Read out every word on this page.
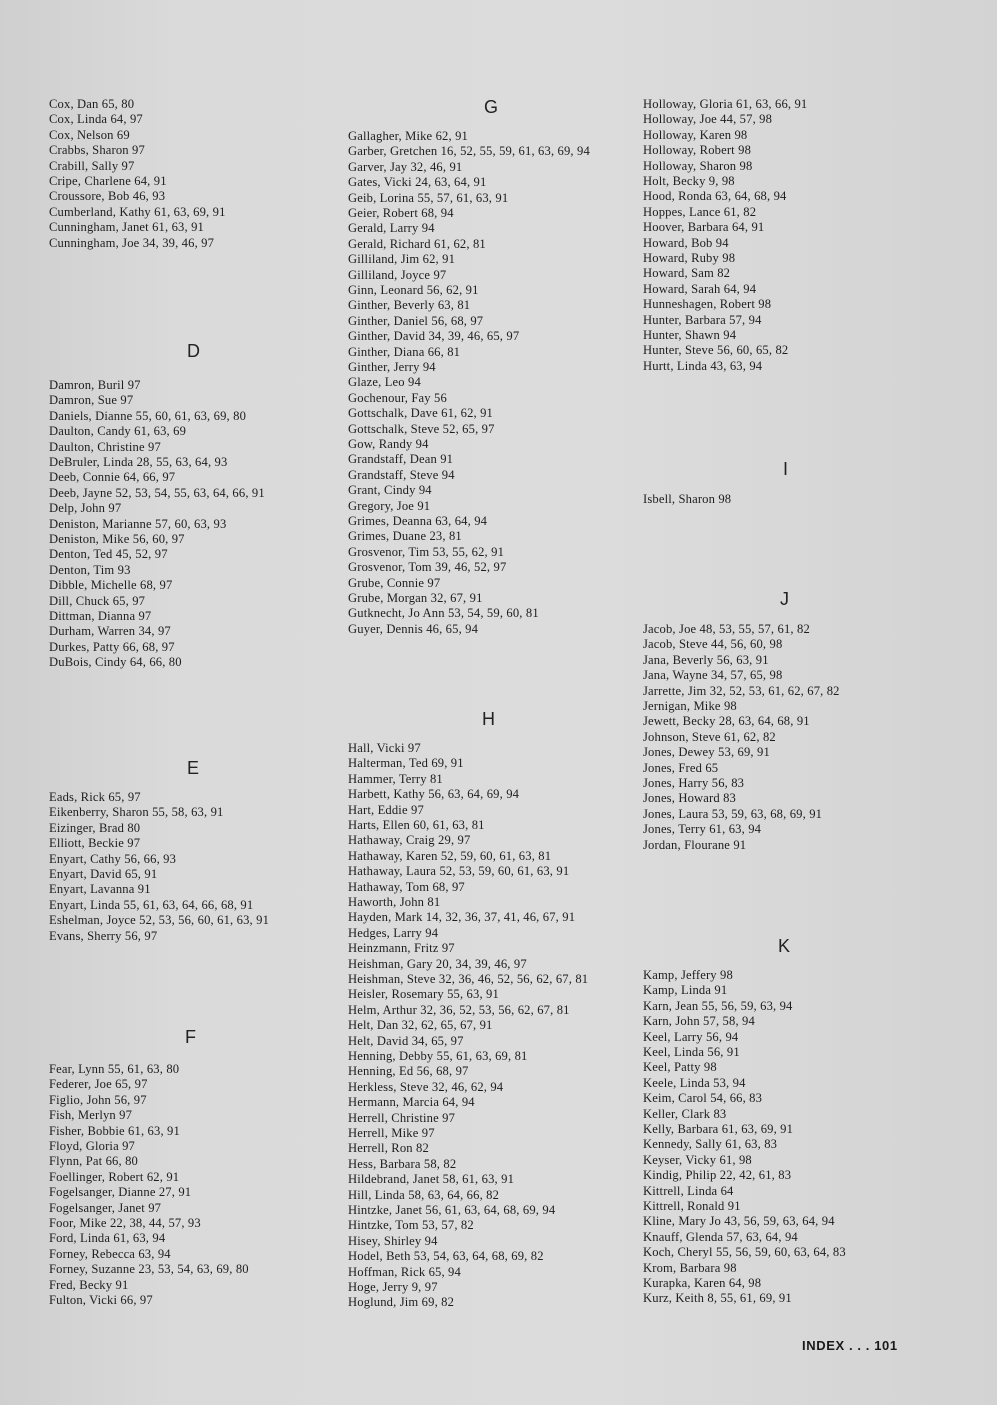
Cox, Dan 65, 80
Cox, Linda 64, 97
Cox, Nelson 69
Crabbs, Sharon 97
Crabill, Sally 97
Cripe, Charlene 64, 91
Croussore, Bob 46, 93
Cumberland, Kathy 61, 63, 69, 91
Cunningham, Janet 61, 63, 91
Cunningham, Joe 34, 39, 46, 97
D
Damron, Buril 97
Damron, Sue 97
Daniels, Dianne 55, 60, 61, 63, 69, 80
Daulton, Candy 61, 63, 69
Daulton, Christine 97
DeBruler, Linda 28, 55, 63, 64, 93
Deeb, Connie 64, 66, 97
Deeb, Jayne 52, 53, 54, 55, 63, 64, 66, 91
Delp, John 97
Deniston, Marianne 57, 60, 63, 93
Deniston, Mike 56, 60, 97
Denton, Ted 45, 52, 97
Denton, Tim 93
Dibble, Michelle 68, 97
Dill, Chuck 65, 97
Dittman, Dianna 97
Durham, Warren 34, 97
Durkes, Patty 66, 68, 97
DuBois, Cindy 64, 66, 80
E
Eads, Rick 65, 97
Eikenberry, Sharon 55, 58, 63, 91
Eizinger, Brad 80
Elliott, Beckie 97
Enyart, Cathy 56, 66, 93
Enyart, David 65, 91
Enyart, Lavanna 91
Enyart, Linda 55, 61, 63, 64, 66, 68, 91
Eshelman, Joyce 52, 53, 56, 60, 61, 63, 91
Evans, Sherry 56, 97
F
Fear, Lynn 55, 61, 63, 80
Federer, Joe 65, 97
Figlio, John 56, 97
Fish, Merlyn 97
Fisher, Bobbie 61, 63, 91
Floyd, Gloria 97
Flynn, Pat 66, 80
Foellinger, Robert 62, 91
Fogelsanger, Dianne 27, 91
Fogelsanger, Janet 97
Foor, Mike 22, 38, 44, 57, 93
Ford, Linda 61, 63, 94
Forney, Rebecca 63, 94
Forney, Suzanne 23, 53, 54, 63, 69, 80
Fred, Becky 91
Fulton, Vicki 66, 97
G
Gallagher, Mike 62, 91
Garber, Gretchen 16, 52, 55, 59, 61, 63, 69, 94
Garver, Jay 32, 46, 91
Gates, Vicki 24, 63, 64, 91
Geib, Lorina 55, 57, 61, 63, 91
Geier, Robert 68, 94
Gerald, Larry 94
Gerald, Richard 61, 62, 81
Gilliland, Jim 62, 91
Gilliland, Joyce 97
Ginn, Leonard 56, 62, 91
Ginther, Beverly 63, 81
Ginther, Daniel 56, 68, 97
Ginther, David 34, 39, 46, 65, 97
Ginther, Diana 66, 81
Ginther, Jerry 94
Glaze, Leo 94
Gochenour, Fay 56
Gottschalk, Dave 61, 62, 91
Gottschalk, Steve 52, 65, 97
Gow, Randy 94
Grandstaff, Dean 91
Grandstaff, Steve 94
Grant, Cindy 94
Gregory, Joe 91
Grimes, Deanna 63, 64, 94
Grimes, Duane 23, 81
Grosvenor, Tim 53, 55, 62, 91
Grosvenor, Tom 39, 46, 52, 97
Grube, Connie 97
Grube, Morgan 32, 67, 91
Gutknecht, Jo Ann 53, 54, 59, 60, 81
Guyer, Dennis 46, 65, 94
H
Hall, Vicki 97
Halterman, Ted 69, 91
Hammer, Terry 81
Harbett, Kathy 56, 63, 64, 69, 94
Hart, Eddie 97
Harts, Ellen 60, 61, 63, 81
Hathaway, Craig 29, 97
Hathaway, Karen 52, 59, 60, 61, 63, 81
Hathaway, Laura 52, 53, 59, 60, 61, 63, 91
Hathaway, Tom 68, 97
Haworth, John 81
Hayden, Mark 14, 32, 36, 37, 41, 46, 67, 91
Hedges, Larry 94
Heinzmann, Fritz 97
Heishman, Gary 20, 34, 39, 46, 97
Heishman, Steve 32, 36, 46, 52, 56, 62, 67, 81
Heisler, Rosemary 55, 63, 91
Helm, Arthur 32, 36, 52, 53, 56, 62, 67, 81
Helt, Dan 32, 62, 65, 67, 91
Helt, David 34, 65, 97
Henning, Debby 55, 61, 63, 69, 81
Henning, Ed 56, 68, 97
Herkless, Steve 32, 46, 62, 94
Hermann, Marcia 64, 94
Herrell, Christine 97
Herrell, Mike 97
Herrell, Ron 82
Hess, Barbara 58, 82
Hildebrand, Janet 58, 61, 63, 91
Hill, Linda 58, 63, 64, 66, 82
Hintzke, Janet 56, 61, 63, 64, 68, 69, 94
Hintzke, Tom 53, 57, 82
Hisey, Shirley 94
Hodel, Beth 53, 54, 63, 64, 68, 69, 82
Hoffman, Rick 65, 94
Hoge, Jerry 9, 97
Hoglund, Jim 69, 82
Holloway, Gloria 61, 63, 66, 91
Holloway, Joe 44, 57, 98
Holloway, Karen 98
Holloway, Robert 98
Holloway, Sharon 98
Holt, Becky 9, 98
Hood, Ronda 63, 64, 68, 94
Hoppes, Lance 61, 82
Hoover, Barbara 64, 91
Howard, Bob 94
Howard, Ruby 98
Howard, Sam 82
Howard, Sarah 64, 94
Hunneshagen, Robert 98
Hunter, Barbara 57, 94
Hunter, Shawn 94
Hunter, Steve 56, 60, 65, 82
Hurtt, Linda 43, 63, 94
I
Isbell, Sharon 98
J
Jacob, Joe 48, 53, 55, 57, 61, 82
Jacob, Steve 44, 56, 60, 98
Jana, Beverly 56, 63, 91
Jana, Wayne 34, 57, 65, 98
Jarrette, Jim 32, 52, 53, 61, 62, 67, 82
Jernigan, Mike 98
Jewett, Becky 28, 63, 64, 68, 91
Johnson, Steve 61, 62, 82
Jones, Dewey 53, 69, 91
Jones, Fred 65
Jones, Harry 56, 83
Jones, Howard 83
Jones, Laura 53, 59, 63, 68, 69, 91
Jones, Terry 61, 63, 94
Jordan, Flourane 91
K
Kamp, Jeffery 98
Kamp, Linda 91
Karn, Jean 55, 56, 59, 63, 94
Karn, John 57, 58, 94
Keel, Larry 56, 94
Keel, Linda 56, 91
Keel, Patty 98
Keele, Linda 53, 94
Keim, Carol 54, 66, 83
Keller, Clark 83
Kelly, Barbara 61, 63, 69, 91
Kennedy, Sally 61, 63, 83
Keyser, Vicky 61, 98
Kindig, Philip 22, 42, 61, 83
Kittrell, Linda 64
Kittrell, Ronald 91
Kline, Mary Jo 43, 56, 59, 63, 64, 94
Knauff, Glenda 57, 63, 64, 94
Koch, Cheryl 55, 56, 59, 60, 63, 64, 83
Krom, Barbara 98
Kurapka, Karen 64, 98
Kurz, Keith 8, 55, 61, 69, 91
INDEX . . . 101
